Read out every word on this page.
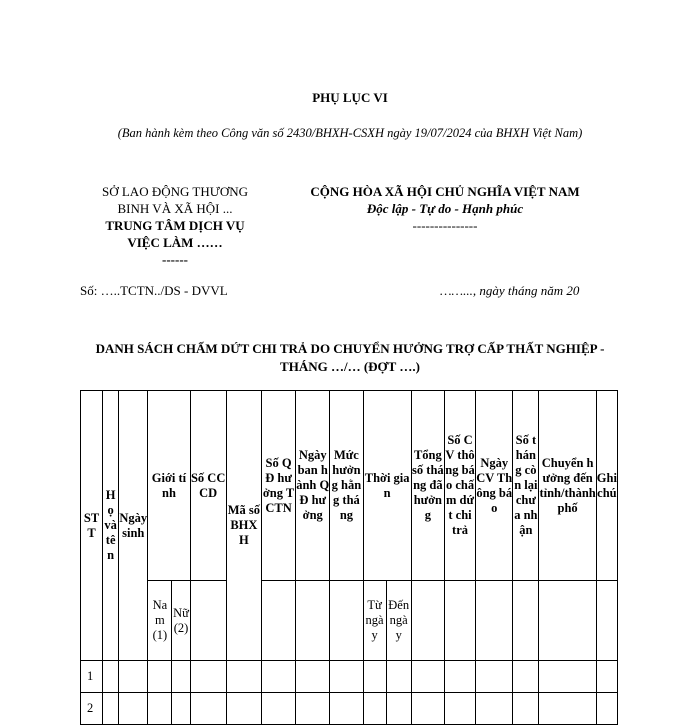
PHỤ LỤC VI
(Ban hành kèm theo Công văn số 2430/BHXH-CSXH ngày 19/07/2024 của BHXH Việt Nam)
SỞ LAO ĐỘNG THƯƠNG
BINH VÀ XÃ HỘI ...
TRUNG TÂM DỊCH VỤ
VIỆC LÀM ……
------
CỘNG HÒA XÃ HỘI CHỦ NGHĨA VIỆT NAM
Độc lập - Tự do - Hạnh phúc
---------------
Số: …..TCTN../DS - DVVL	……..., ngày tháng năm 20
DANH SÁCH CHẤM DỨT CHI TRẢ DO CHUYỂN HƯỞNG TRỢ CẤP THẤT NGHIỆP - THÁNG …/… (ĐỢT ….)
STT	Họ và tên	Ngày sinh	Giới tính		Số CCCD	Mã số BHXH	Số QĐ hưởng TCTN	Ngày ban hành QĐ hưởng	Mức hưởng hằng tháng	Thời gian		Tổng số tháng đã hưởng	Số CV thông báo chấm dứt chi trả	Ngày CV Thông báo	Số tháng còn lại chưa nhận	Chuyển hưởng đến tỉnh/thành phố	Ghi chú
			Nam (1)	Nữ (2)						Từ ngày	Đến ngày						
1																	
2																	
